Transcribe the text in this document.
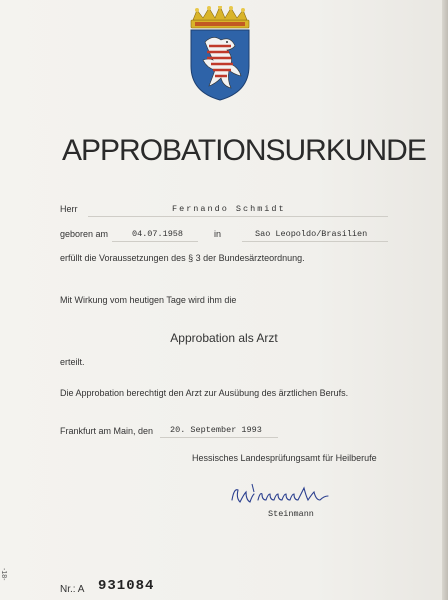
APPROBATIONSURKUNDE
Herr	Fernando Schmidt
geboren am	04.07.1958	in	Sao Leopoldo/Brasilien
erfüllt die Voraussetzungen des § 3 der Bundesärzteordnung.
Mit Wirkung vom heutigen Tage wird ihm die
Approbation als Arzt
erteilt.
Die Approbation berechtigt den Arzt zur Ausübung des ärztlichen Berufs.
Frankfurt am Main, den 20. September 1993
Hessisches Landesprüfungsamt für Heilberufe
Steinmann
-18-
Nr.: A 931084
